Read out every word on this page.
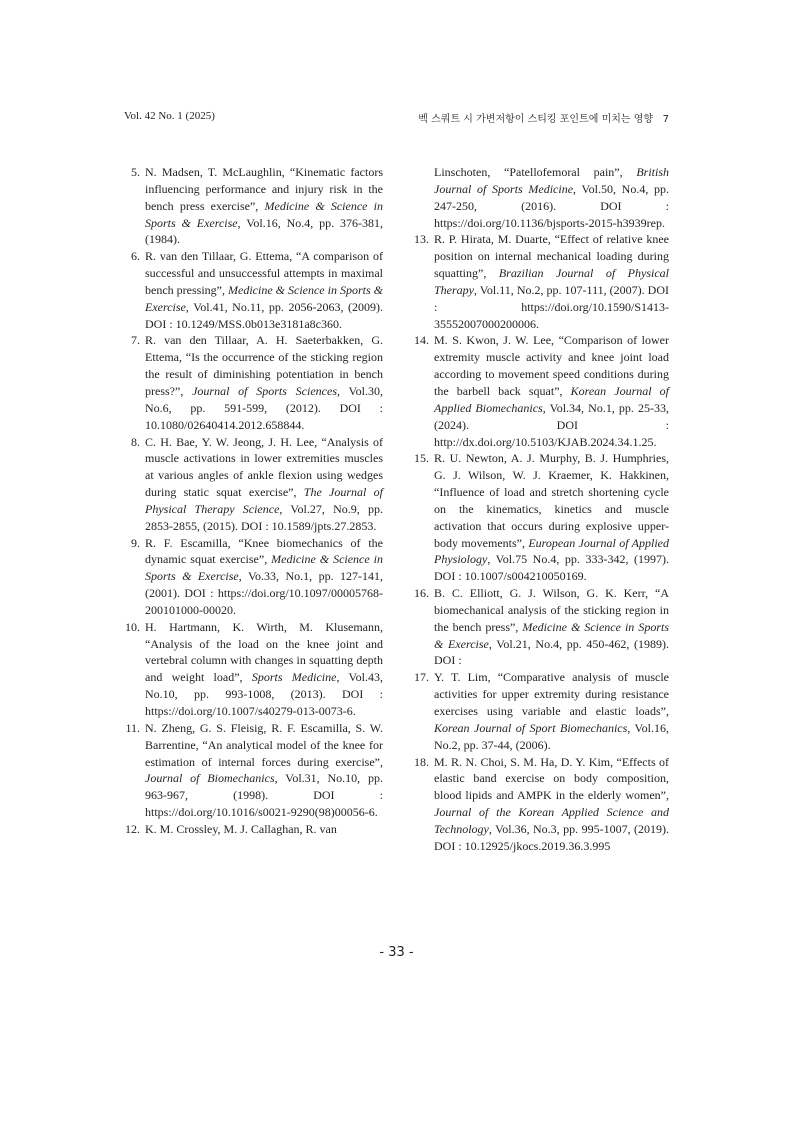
Vol. 42 No. 1 (2025)	벡 스쿼트 시 가변저항이 스티킹 포인트에 미치는 영향 7
5. N. Madsen, T. McLaughlin, “Kinematic factors influencing performance and injury risk in the bench press exercise”, Medicine & Science in Sports & Exercise, Vol.16, No.4, pp. 376-381, (1984).
6. R. van den Tillaar, G. Ettema, “A comparison of successful and unsuccessful attempts in maximal bench pressing”, Medicine & Science in Sports & Exercise, Vol.41, No.11, pp. 2056-2063, (2009). DOI : 10.1249/MSS.0b013e3181a8c360.
7. R. van den Tillaar, A. H. Saeterbakken, G. Ettema, “Is the occurrence of the sticking region the result of diminishing potentiation in bench press?”, Journal of Sports Sciences, Vol.30, No.6, pp. 591-599, (2012). DOI : 10.1080/02640414.2012.658844.
8. C. H. Bae, Y. W. Jeong, J. H. Lee, “Analysis of muscle activations in lower extremities muscles at various angles of ankle flexion using wedges during static squat exercise”, The Journal of Physical Therapy Science, Vol.27, No.9, pp. 2853-2855, (2015). DOI : 10.1589/jpts.27.2853.
9. R. F. Escamilla, “Knee biomechanics of the dynamic squat exercise”, Medicine & Science in Sports & Exercise, Vo.33, No.1, pp. 127-141, (2001). DOI : https://doi.org/10.1097/00005768-200101000-00020.
10. H. Hartmann, K. Wirth, M. Klusemann, “Analysis of the load on the knee joint and vertebral column with changes in squatting depth and weight load”, Sports Medicine, Vol.43, No.10, pp. 993-1008, (2013). DOI : https://doi.org/10.1007/s40279-013-0073-6.
11. N. Zheng, G. S. Fleisig, R. F. Escamilla, S. W. Barrentine, “An analytical model of the knee for estimation of internal forces during exercise”, Journal of Biomechanics, Vol.31, No.10, pp. 963-967, (1998). DOI : https://doi.org/10.1016/s0021-9290(98)00056-6.
12. K. M. Crossley, M. J. Callaghan, R. van
Linschoten, “Patellofemoral pain”, British Journal of Sports Medicine, Vol.50, No.4, pp. 247-250, (2016). DOI : https://doi.org/10.1136/bjsports-2015-h3939rep.
13. R. P. Hirata, M. Duarte, “Effect of relative knee position on internal mechanical loading during squatting”, Brazilian Journal of Physical Therapy, Vol.11, No.2, pp. 107-111, (2007). DOI : https://doi.org/10.1590/S1413-35552007000200006.
14. M. S. Kwon, J. W. Lee, “Comparison of lower extremity muscle activity and knee joint load according to movement speed conditions during the barbell back squat”, Korean Journal of Applied Biomechanics, Vol.34, No.1, pp. 25-33, (2024). DOI : http://dx.doi.org/10.5103/KJAB.2024.34.1.25.
15. R. U. Newton, A. J. Murphy, B. J. Humphries, G. J. Wilson, W. J. Kraemer, K. Hakkinen, “Influence of load and stretch shortening cycle on the kinematics, kinetics and muscle activation that occurs during explosive upper-body movements”, European Journal of Applied Physiology, Vol.75 No.4, pp. 333-342, (1997). DOI : 10.1007/s004210050169.
16. B. C. Elliott, G. J. Wilson, G. K. Kerr, “A biomechanical analysis of the sticking region in the bench press”, Medicine & Science in Sports & Exercise, Vol.21, No.4, pp. 450-462, (1989). DOI :
17. Y. T. Lim, “Comparative analysis of muscle activities for upper extremity during resistance exercises using variable and elastic loads”, Korean Journal of Sport Biomechanics, Vol.16, No.2, pp. 37-44, (2006).
18. M. R. N. Choi, S. M. Ha, D. Y. Kim, “Effects of elastic band exercise on body composition, blood lipids and AMPK in the elderly women”, Journal of the Korean Applied Science and Technology, Vol.36, No.3, pp. 995-1007, (2019). DOI : 10.12925/jkocs.2019.36.3.995
- 33 -
